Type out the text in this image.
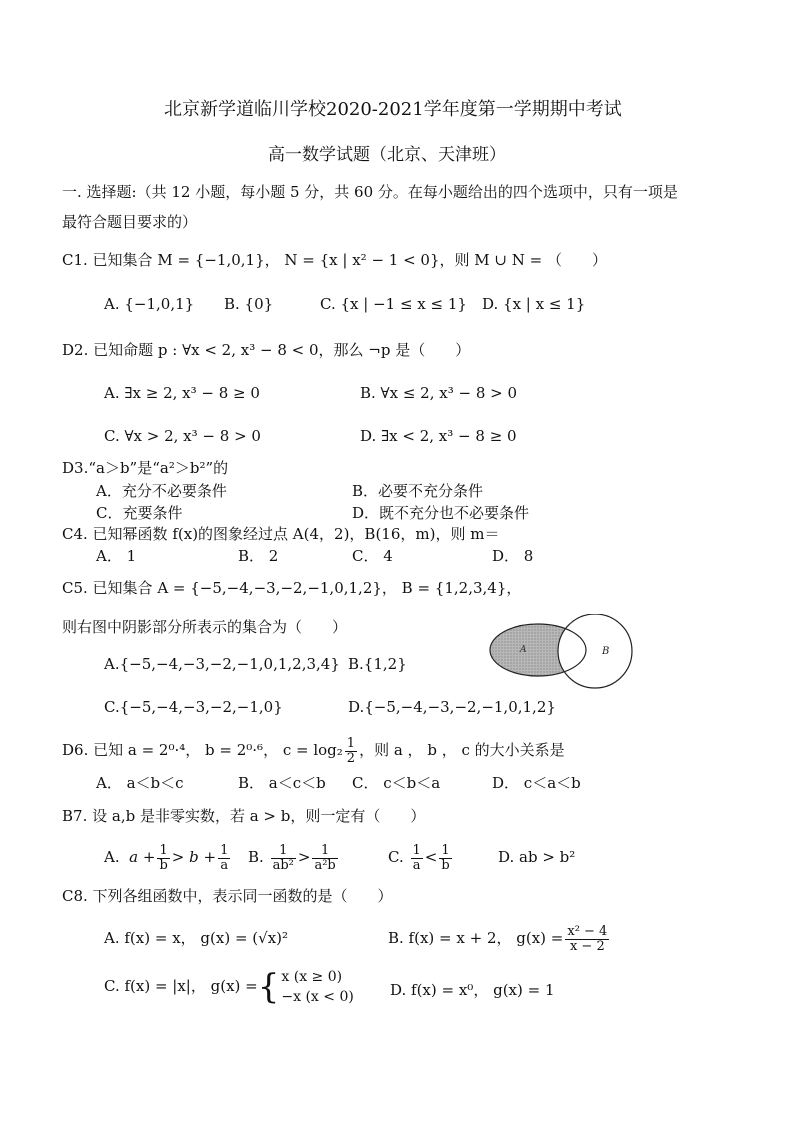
北京新学道临川学校2020-2021学年度第一学期期中考试
高一数学试题（北京、天津班）
一. 选择题:（共 12 小题，每小题 5 分，共 60 分。在每小题给出的四个选项中，只有一项是
最符合题目要求的）
C1. 已知集合 M = {−1,0,1}， N = {x | x² − 1 < 0}，则 M ∪ N = （　　）
A. {−1,0,1} B. {0}	C. {x | −1 ≤ x ≤ 1} D. {x | x ≤ 1}
D2. 已知命题 p : ∀x < 2, x³ − 8 < 0，那么 ¬p 是（　　）
A. ∃x ≥ 2, x³ − 8 ≥ 0	B. ∀x ≤ 2, x³ − 8 > 0
C. ∀x > 2, x³ − 8 > 0	D. ∃x < 2, x³ − 8 ≥ 0
D3.“a＞b”是“a²＞b²”的
A．充分不必要条件	B．必要不充分条件
C．充要条件	D．既不充分也不必要条件
C4. 已知幂函数 f(x)的图象经过点 A(4，2)，B(16，m)，则 m＝
A． 1	B． 2	C． 4	D． 8
C5. 已知集合 A = {−5,−4,−3,−2,−1,0,1,2}， B = {1,2,3,4}，
则右图中阴影部分所表示的集合为（　　）
A.{−5,−4,−3,−2,−1,0,1,2,3,4} B.{1,2}
C.{−5,−4,−3,−2,−1,0}	D.{−5,−4,−3,−2,−1,0,1,2}
A	B
D6. 已知 a = 2⁰·⁴， b = 2⁰·⁶， $c = \log_2 \frac{1}{2}$ ，则 a ， b ， c 的大小关系是
A． a＜b＜c	B． a＜c＜b C． c＜b＜a	D． c＜a＜b
B7. 设 a,b 是非零实数，若 a > b，则一定有（　　）
A. $a + \frac{1}{b} > b + \frac{1}{a} B$. $\frac{1}{\text{ab²}} > \frac{1}{\text{a²b}}$	C. $\frac{1}{a} < \frac{1}{b}$	D. ab > b²
C8. 下列各组函数中，表示同一函数的是（　　）
A. f(x) = x， g(x) = (√x)²	B. f(x) = x + 2， $g(x) = \frac{\text{x² − 4}}{x - 2}$
C. f(x) = |x|， g(x) ={ x (x ≥ 0)
−x (x < 0) D. f(x) = x⁰， g(x) = 1
